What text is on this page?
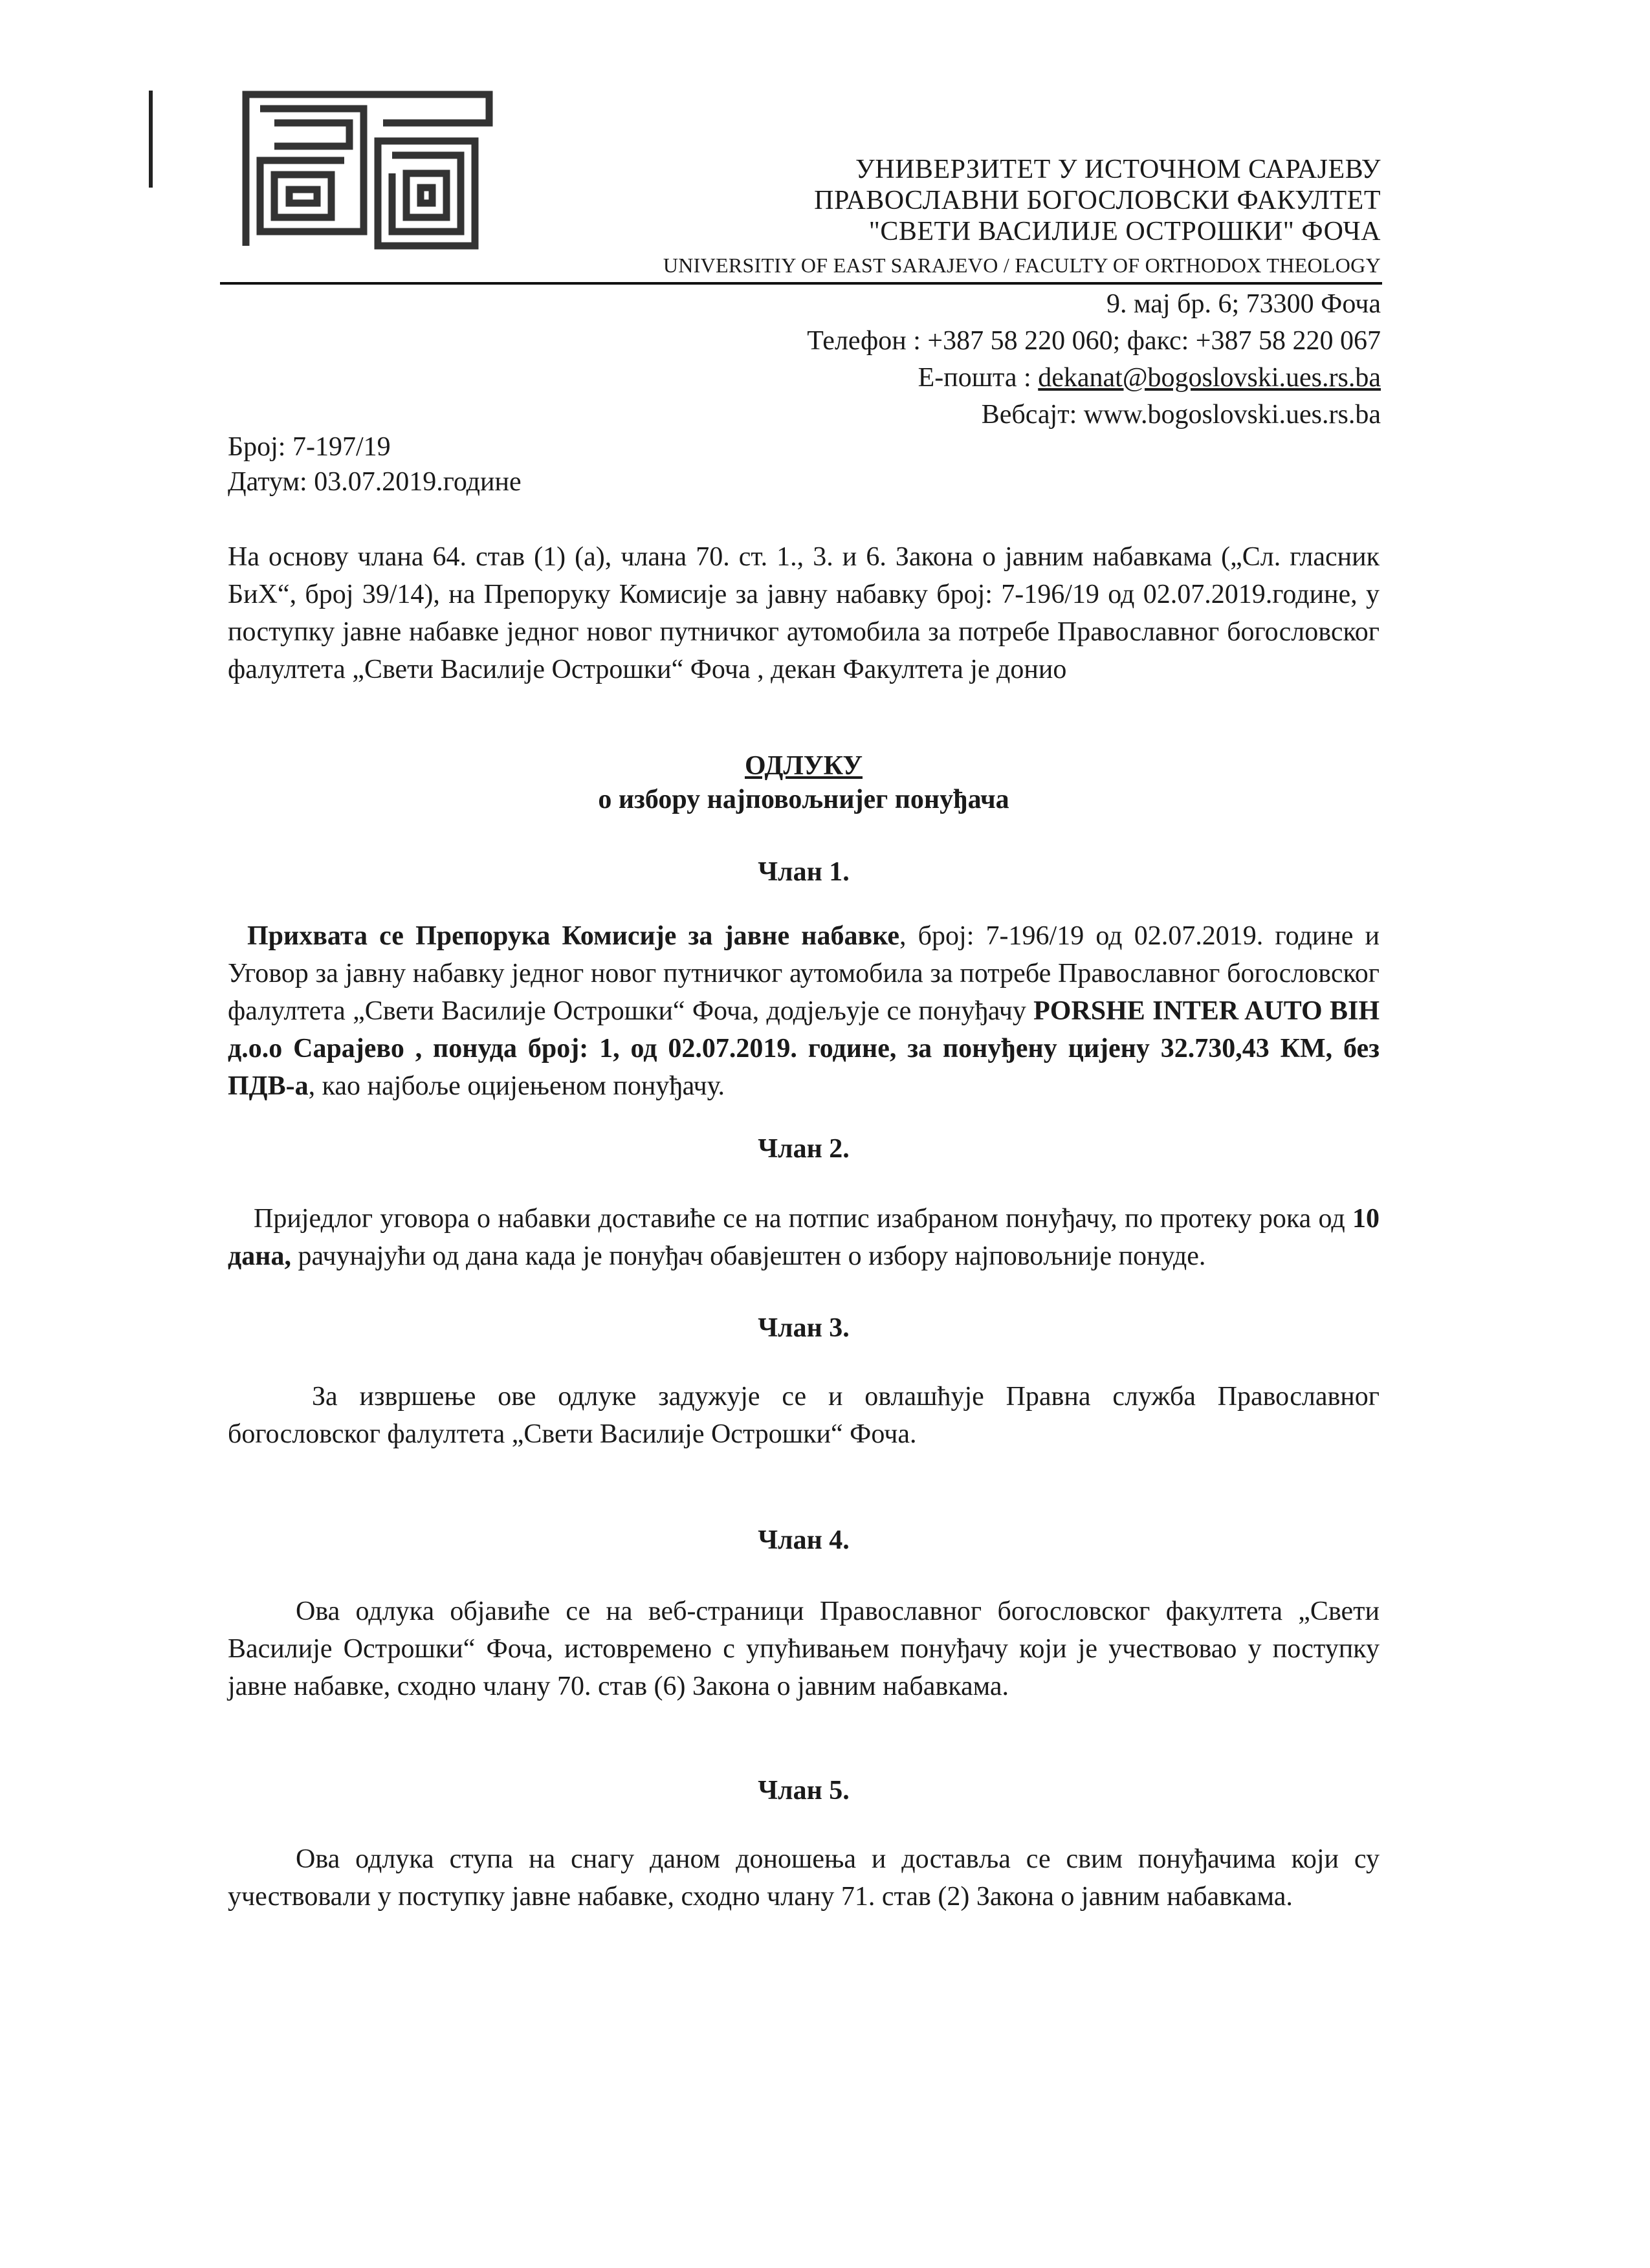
УНИВЕРЗИТЕТ У ИСТОЧНОМ САРАЈЕВУ
ПРАВОСЛАВНИ БОГОСЛОВСКИ ФАКУЛТЕТ
"СВЕТИ ВАСИЛИЈЕ ОСТРОШКИ" ФОЧА
UNIVERSITIY OF EAST SARAJEVO / FACULTY OF ORTHODOX THEOLOGY
9. мај бр. 6; 73300 Фоча
Телефон : +387 58 220 060; факс: +387 58 220 067
Е-пошта : dekanat@bogoslovski.ues.rs.ba
Вебсајт: www.bogoslovski.ues.rs.ba
Број: 7-197/19
Датум: 03.07.2019.године

На основу члана 64. став (1) (а), члана 70. ст. 1., 3. и 6. Закона о јавним набавкама („Сл. гласник БиХ“, број 39/14), на Препоруку Комисије за јавну набавку број: 7-196/19 од 02.07.2019.године, у поступку јавне набавке једног новог путничког аутомобила за потребе Православног богословског фалултета „Свети Василије Острошки“ Фоча , декан Факултета је донио

ОДЛУКУ
о избору најповољнијег понуђача
Члан 1.

Прихвата се Препорука Комисије за јавне набавке, број: 7-196/19 од 02.07.2019. године и Уговор за јавну набавку једног новог путничког аутомобила за потребе Православног богословског фалултета „Свети Василије Острошки“ Фоча, додјељује се понуђачу PORSHE INTER AUTO BIH д.о.о Сарајево , понуда број: 1, од 02.07.2019. године, за понуђену цијену 32.730,43 КМ, без ПДВ-а, као најбоље оцијењеном понуђачу.

Члан 2.

Приједлог уговора о набавки доставиће се на потпис изабраном понуђачу, по протеку рока од 10 дана, рачунајући од дана када је понуђач обавјештен о избору најповољније понуде.

Члан 3.

За извршење ове одлуке задужује се и овлашћује Правна служба Православног богословског фалултета „Свети Василије Острошки“ Фоча.

Члан 4.

Ова одлука објавиће се на веб-страници Православног богословског факултета „Свети Василије Острошки“ Фоча, истовремено с упућивањем понуђачу који је учествовао у поступку јавне набавке, сходно члану 70. став (6) Закона о јавним набавкама.

Члан 5.

Ова одлука ступа на снагу даном доношења и доставља се свим понуђачима који су учествовали у поступку јавне набавке, сходно члану 71. став (2) Закона о јавним набавкама.
